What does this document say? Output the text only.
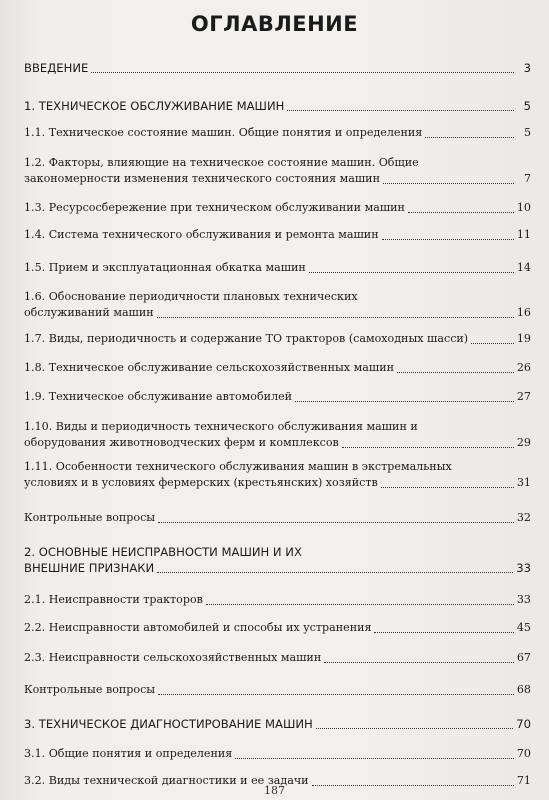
ОГЛАВЛЕНИЕ
ВВЕДЕНИЕ	3
1. ТЕХНИЧЕСКОЕ ОБСЛУЖИВАНИЕ МАШИН	5
1.1. Техническое состояние машин. Общие понятия и определения	5
1.2. Факторы, влияющие на техническое состояние машин. Общие
закономерности изменения технического состояния машин	7
1.3. Ресурсосбережение при техническом обслуживании машин	10
1.4. Система технического обслуживания и ремонта машин	11
1.5. Прием и эксплуатационная обкатка машин	14
1.6. Обоснование периодичности плановых технических
обслуживаний машин	16
1.7. Виды, периодичность и содержание ТО тракторов (самоходных шасси)	19
1.8. Техническое обслуживание сельскохозяйственных машин	26
1.9. Техническое обслуживание автомобилей	27
1.10. Виды и периодичность технического обслуживания машин и
оборудования животноводческих ферм и комплексов	29
1.11. Особенности технического обслуживания машин в экстремальных
условиях и в условиях фермерских (крестьянских) хозяйств	31
Контрольные вопросы	32
2. ОСНОВНЫЕ НЕИСПРАВНОСТИ МАШИН И ИХ
ВНЕШНИЕ ПРИЗНАКИ	33
2.1. Неисправности тракторов	33
2.2. Неисправности автомобилей и способы их устранения	45
2.3. Неисправности сельскохозяйственных машин	67
Контрольные вопросы	68
3. ТЕХНИЧЕСКОЕ ДИАГНОСТИРОВАНИЕ МАШИН	70
3.1. Общие понятия и определения	70
3.2. Виды технической диагностики и ее задачи	71
187
